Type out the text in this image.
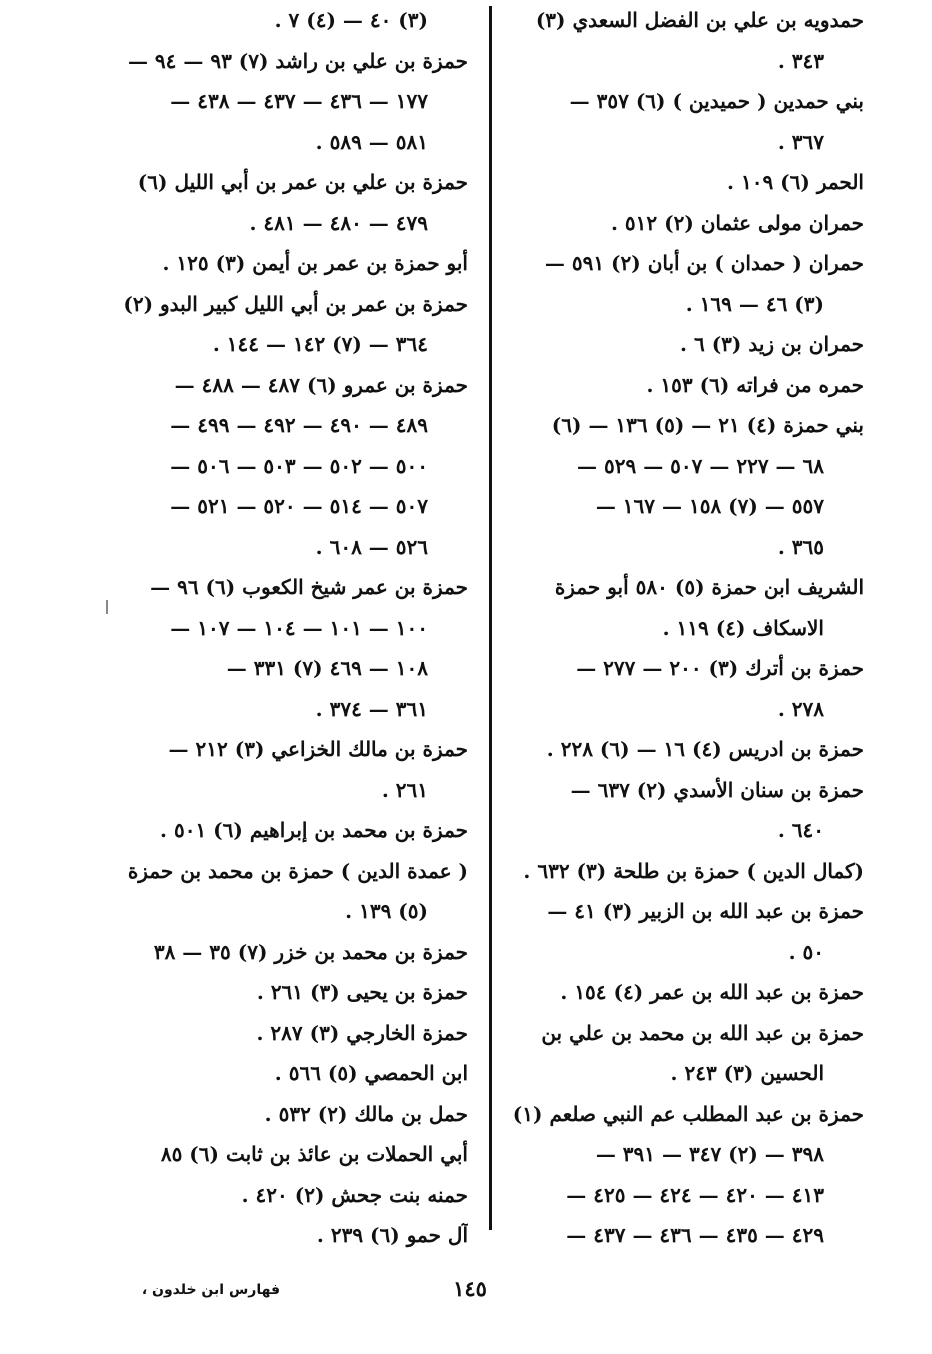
حمدويه بن علي بن الفضل السعدي (٣)
٣٤٣ .
بني حمدين ( حميدين ) (٦) ٣٥٧ —
٣٦٧ .
الحمر (٦) ١٠٩ .
حمران مولى عثمان (٢) ٥١٢ .
حمران ( حمدان ) بن أبان (٢) ٥٩١ —
(٣) ٤٦ — ١٦٩ .
حمران بن زيد (٣) ٦ .
حمره من فراته (٦) ١٥٣ .
بني حمزة (٤) ٢١ — (٥) ١٣٦ — (٦)
٦٨ — ٢٢٧ — ٥٠٧ — ٥٢٩ —
٥٥٧ — (٧) ١٥٨ — ١٦٧ —
٣٦٥ .
الشريف ابن حمزة (٥) ٥٨٠ أبو حمزة
الاسكاف (٤) ١١٩ .
حمزة بن أترك (٣) ٢٠٠ — ٢٧٧ —
٢٧٨ .
حمزة بن ادريس (٤) ١٦ — (٦) ٢٢٨ .
حمزة بن سنان الأسدي (٢) ٦٣٧ —
٦٤٠ .
(كمال الدين ) حمزة بن طلحة (٣) ٦٣٢ .
حمزة بن عبد الله بن الزبير (٣) ٤١ —
٥٠ .
حمزة بن عبد الله بن عمر (٤) ١٥٤ .
حمزة بن عبد الله بن محمد بن علي بن
الحسين (٣) ٢٤٣ .
حمزة بن عبد المطلب عم النبي صلعم (١)
٣٩٨ — (٢) ٣٤٧ — ٣٩١ —
٤١٣ — ٤٢٠ — ٤٢٤ — ٤٢٥ —
٤٢٩ — ٤٣٥ — ٤٣٦ — ٤٣٧ —
(٣) ٤٠ — (٤) ٧ .
حمزة بن علي بن راشد (٧) ٩٣ — ٩٤ —
١٧٧ — ٤٣٦ — ٤٣٧ — ٤٣٨ —
٥٨١ — ٥٨٩ .
حمزة بن علي بن عمر بن أبي الليل (٦)
٤٧٩ — ٤٨٠ — ٤٨١ .
أبو حمزة بن عمر بن أيمن (٣) ١٢٥ .
حمزة بن عمر بن أبي الليل كبير البدو (٢)
٣٦٤ — (٧) ١٤٢ — ١٤٤ .
حمزة بن عمرو (٦) ٤٨٧ — ٤٨٨ —
٤٨٩ — ٤٩٠ — ٤٩٢ — ٤٩٩ —
٥٠٠ — ٥٠٢ — ٥٠٣ — ٥٠٦ —
٥٠٧ — ٥١٤ — ٥٢٠ — ٥٢١ —
٥٢٦ — ٦٠٨ .
حمزة بن عمر شيخ الكعوب (٦) ٩٦ —
١٠٠ — ١٠١ — ١٠٤ — ١٠٧ —
١٠٨ — ٤٦٩ (٧) ٣٣١ —
٣٦١ — ٣٧٤ .
حمزة بن مالك الخزاعي (٣) ٢١٢ —
٢٦١ .
حمزة بن محمد بن إبراهيم (٦) ٥٠١ .
( عمدة الدين ) حمزة بن محمد بن حمزة
(٥) ١٣٩ .
حمزة بن محمد بن خزر (٧) ٣٥ — ٣٨
حمزة بن يحيى (٣) ٢٦١ .
حمزة الخارجي (٣) ٢٨٧ .
ابن الحمصي (٥) ٥٦٦ .
حمل بن مالك (٢) ٥٣٢ .
أبي الحملات بن عائذ بن ثابت (٦) ٨٥
حمنه بنت جحش (٢) ٤٢٠ .
آل حمو (٦) ٢٣٩ .
١٤٥
فهارس ابن خلدون ،
